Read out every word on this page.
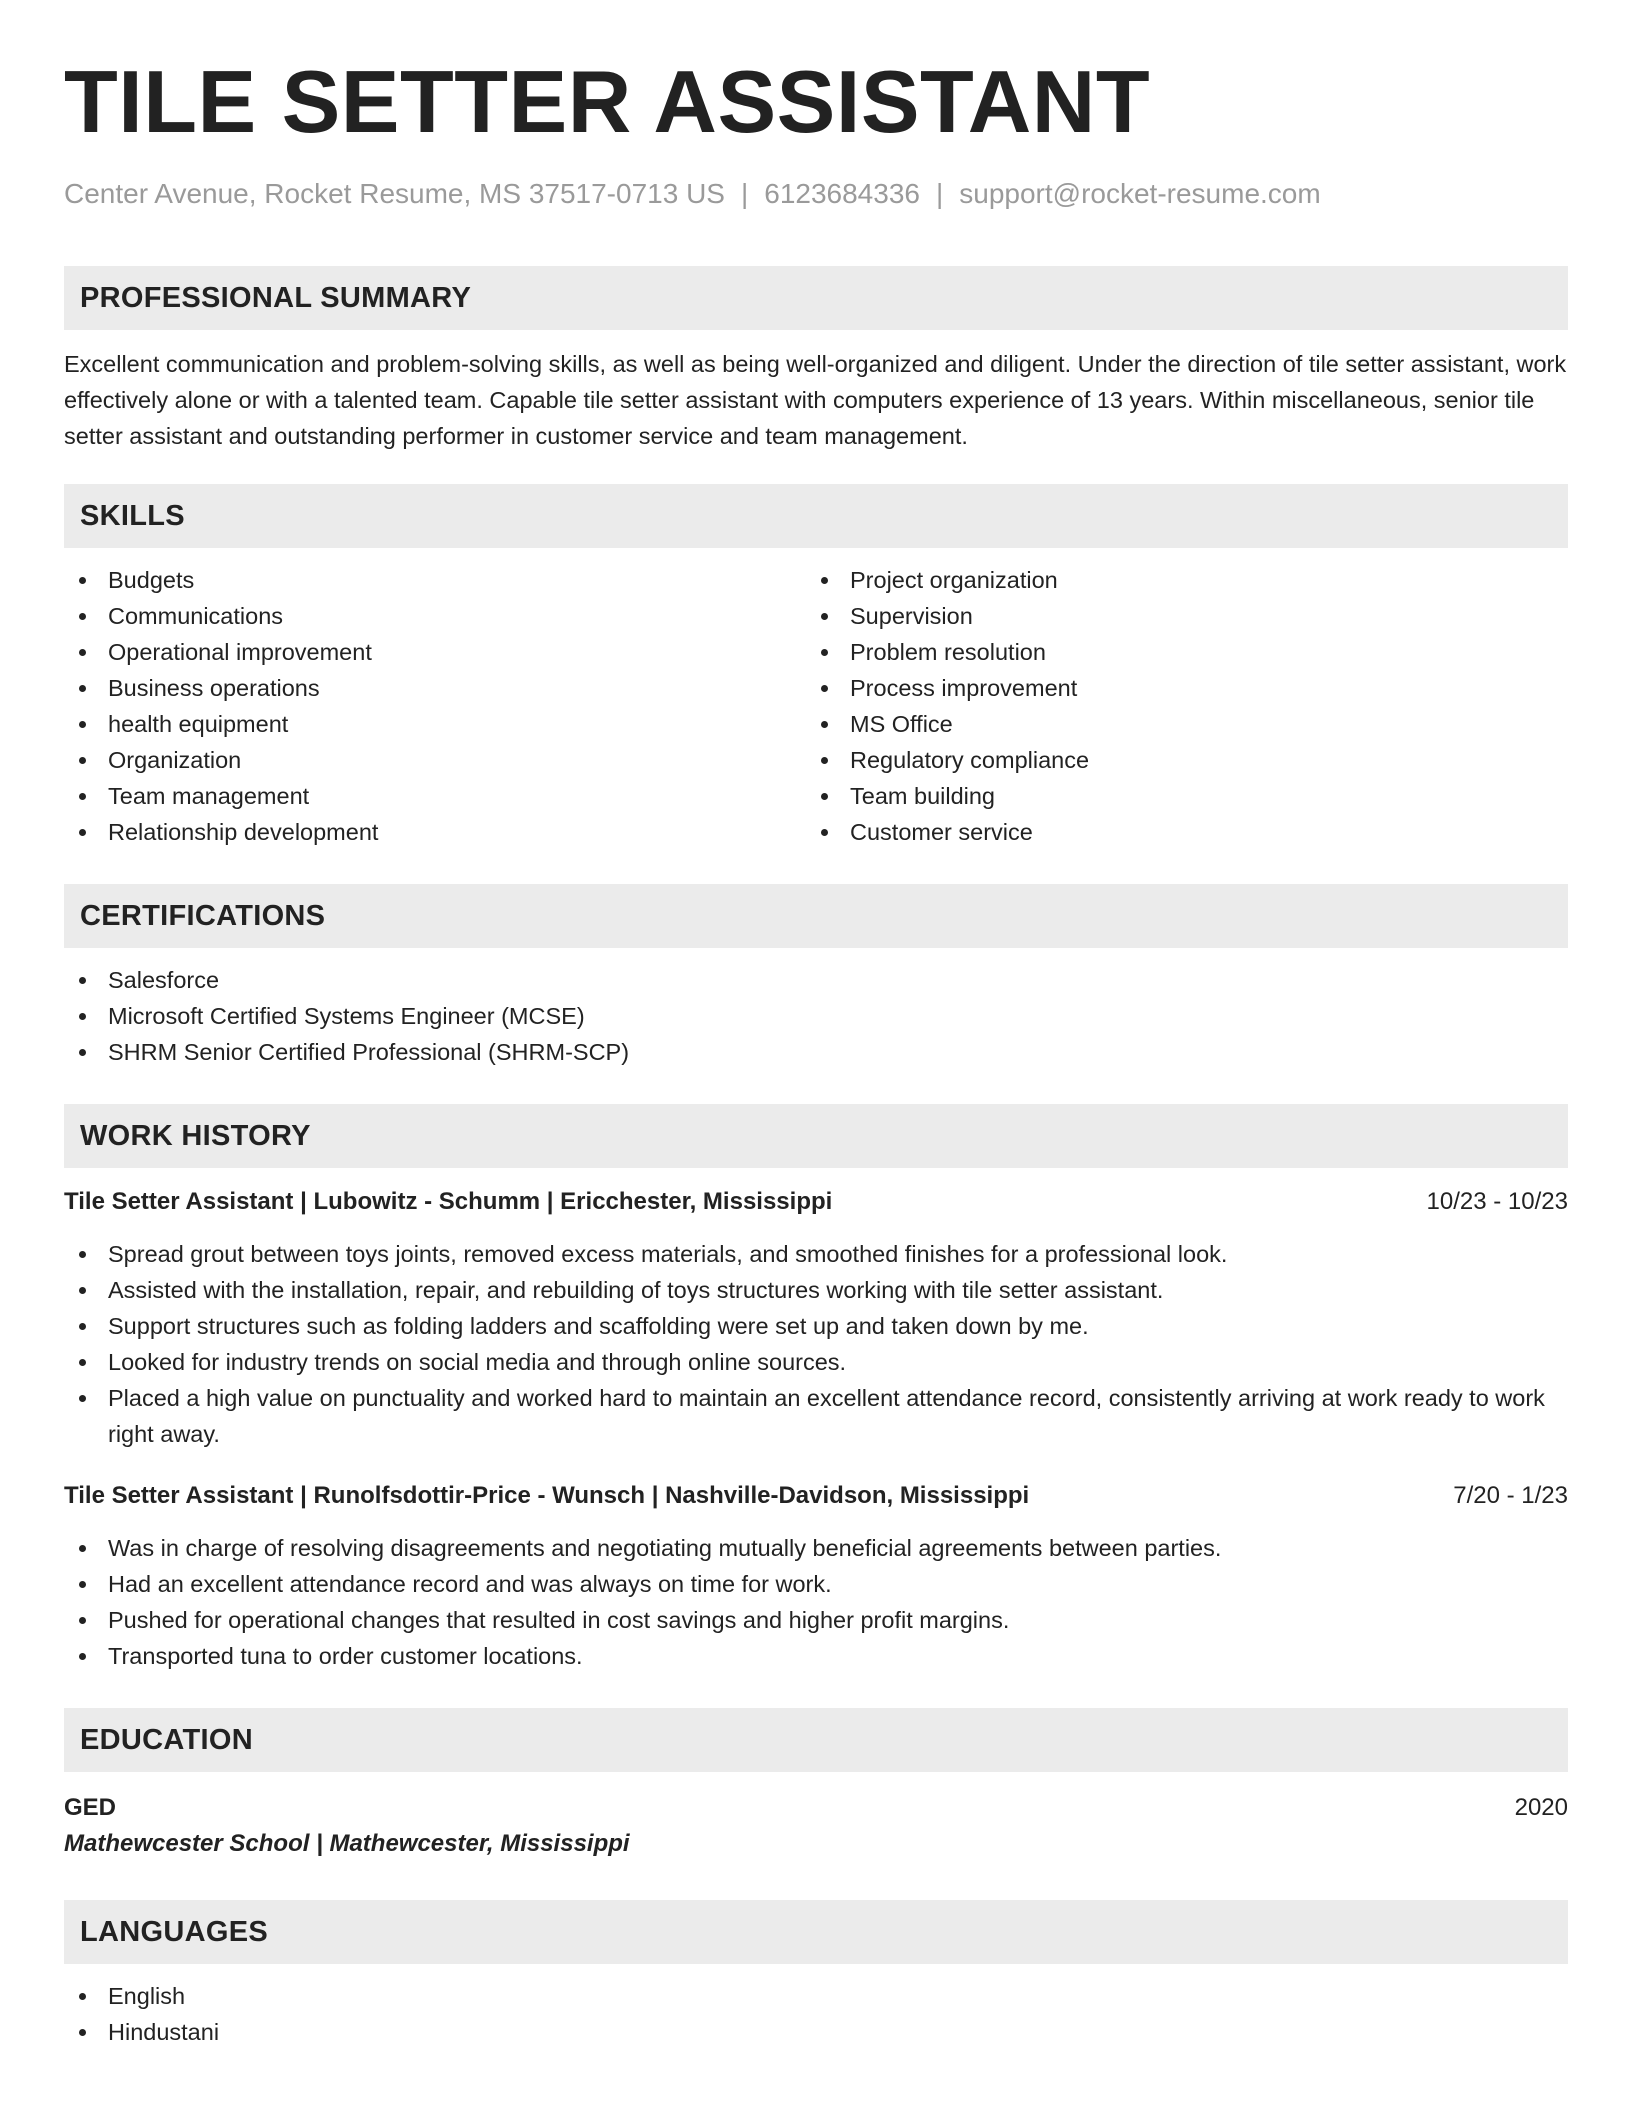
TILE SETTER ASSISTANT
Center Avenue, Rocket Resume, MS 37517-0713 US | 6123684336 | support@rocket-resume.com
PROFESSIONAL SUMMARY

Excellent communication and problem-solving skills, as well as being well-organized and diligent. Under the direction of tile setter assistant, work effectively alone or with a talented team. Capable tile setter assistant with computers experience of 13 years. Within miscellaneous, senior tile setter assistant and outstanding performer in customer service and team management.

SKILLS
Budgets
Communications
Operational improvement
Business operations
health equipment
Organization
Team management
Relationship development
Project organization
Supervision
Problem resolution
Process improvement
MS Office
Regulatory compliance
Team building
Customer service
CERTIFICATIONS
Salesforce
Microsoft Certified Systems Engineer (MCSE)
SHRM Senior Certified Professional (SHRM-SCP)
WORK HISTORY
Tile Setter Assistant | Lubowitz - Schumm | Ericchester, Mississippi	10/23 - 10/23
Spread grout between toys joints, removed excess materials, and smoothed finishes for a professional look.
Assisted with the installation, repair, and rebuilding of toys structures working with tile setter assistant.
Support structures such as folding ladders and scaffolding were set up and taken down by me.
Looked for industry trends on social media and through online sources.
Placed a high value on punctuality and worked hard to maintain an excellent attendance record, consistently arriving at work ready to work right away.
Tile Setter Assistant | Runolfsdottir-Price - Wunsch | Nashville-Davidson, Mississippi	7/20 - 1/23
Was in charge of resolving disagreements and negotiating mutually beneficial agreements between parties.
Had an excellent attendance record and was always on time for work.
Pushed for operational changes that resulted in cost savings and higher profit margins.
Transported tuna to order customer locations.
EDUCATION
GED	2020
Mathewcester School | Mathewcester, Mississippi
LANGUAGES
English
Hindustani
